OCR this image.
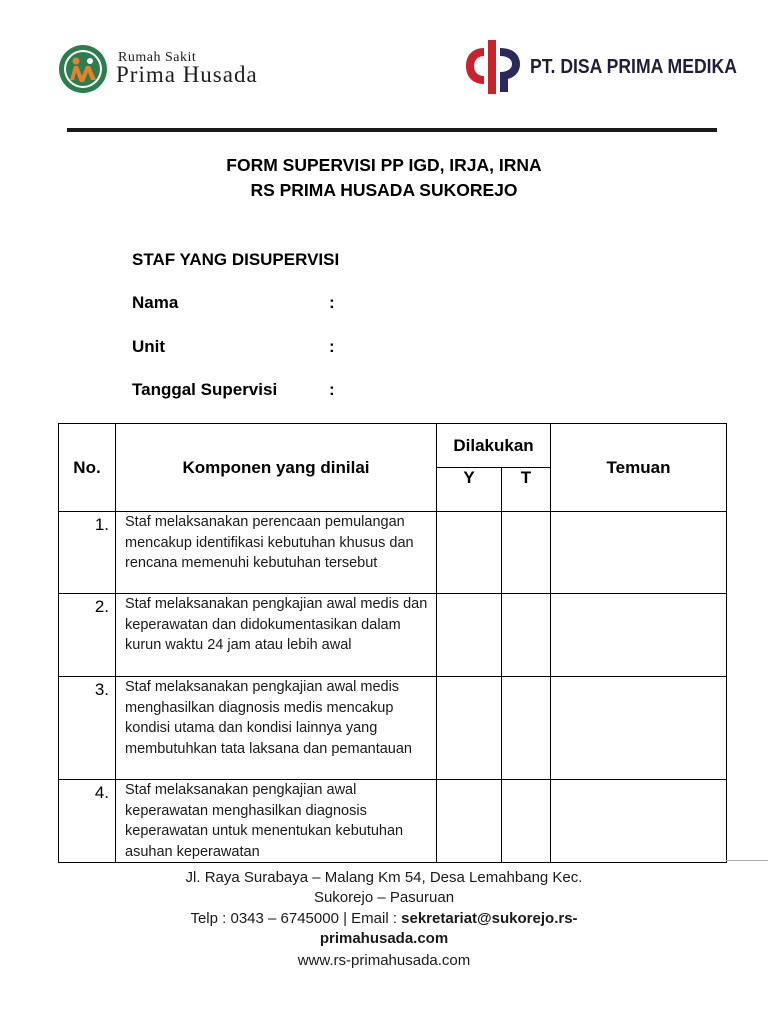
Rumah Sakit
Prima Husada	PT. DISA PRIMA MEDIKA
FORM SUPERVISI PP IGD, IRJA, IRNA
RS PRIMA HUSADA SUKOREJO
STAF YANG DISUPERVISI
Nama	:
Unit	:
Tanggal Supervisi	:
No.	Komponen yang dinilai	Dilakukan		Temuan
		Y	T	
1.	Staf melaksanakan perencaan pemulangan mencakup identifikasi kebutuhan khusus dan rencana memenuhi kebutuhan tersebut			
2.	Staf melaksanakan pengkajian awal medis dan keperawatan dan didokumentasikan dalam kurun waktu 24 jam atau lebih awal			
3.	Staf melaksanakan pengkajian awal medis menghasilkan diagnosis medis mencakup kondisi utama dan kondisi lainnya yang membutuhkan tata laksana dan pemantauan			
4.	Staf melaksanakan pengkajian awal keperawatan menghasilkan diagnosis keperawatan untuk menentukan kebutuhan asuhan keperawatan			
Jl. Raya Surabaya – Malang Km 54, Desa Lemahbang Kec.
Sukorejo – Pasuruan
Telp : 0343 – 6745000 | Email : sekretariat@sukorejo.rs-
primahusada.com
www.rs-primahusada.com
